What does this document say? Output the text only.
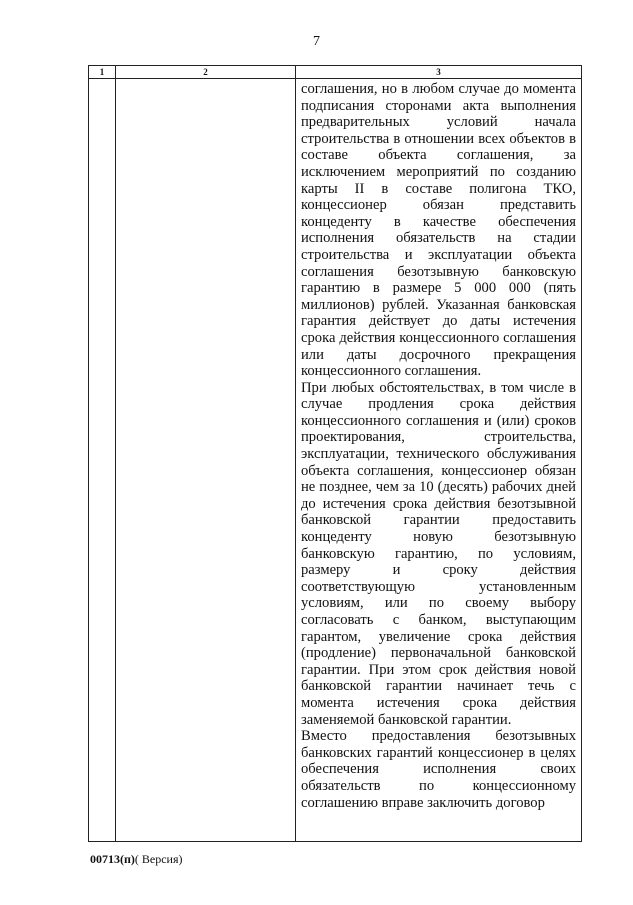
7
1	2	3

		соглашения, но в любом случае до момента подписания сторонами акта выполнения предварительных условий начала строительства в отношении всех объектов в составе объекта соглашения, за исключением мероприятий по созданию карты II в составе полигона ТКО, концессионер обязан представить концеденту в качестве обеспечения исполнения обязательств на стадии строительства и эксплуатации объекта соглашения безотзывную банковскую гарантию в размере 5 000 000 (пять миллионов) рублей. Указанная банковская гарантия действует до даты истечения срока действия концессионного соглашения или даты досрочного прекращения концессионного соглашения.
При любых обстоятельствах, в том числе в случае продления срока действия концессионного соглашения и (или) сроков проектирования, строительства, эксплуатации, технического обслуживания объекта соглашения, концессионер обязан не позднее, чем за 10 (десять) рабочих дней до истечения срока действия безотзывной банковской гарантии предоставить концеденту новую безотзывную банковскую гарантию, по условиям, размеру и сроку действия соответствующую установленным условиям, или по своему выбору согласовать с банком, выступающим гарантом, увеличение срока действия (продление) первоначальной банковской гарантии. При этом срок действия новой банковской гарантии начинает течь с момента истечения срока действия заменяемой банковской гарантии.
Вместо предоставления безотзывных банковских гарантий концессионер в целях обеспечения исполнения своих обязательств по концессионному соглашению вправе заключить договор
00713(п)( Версия)
